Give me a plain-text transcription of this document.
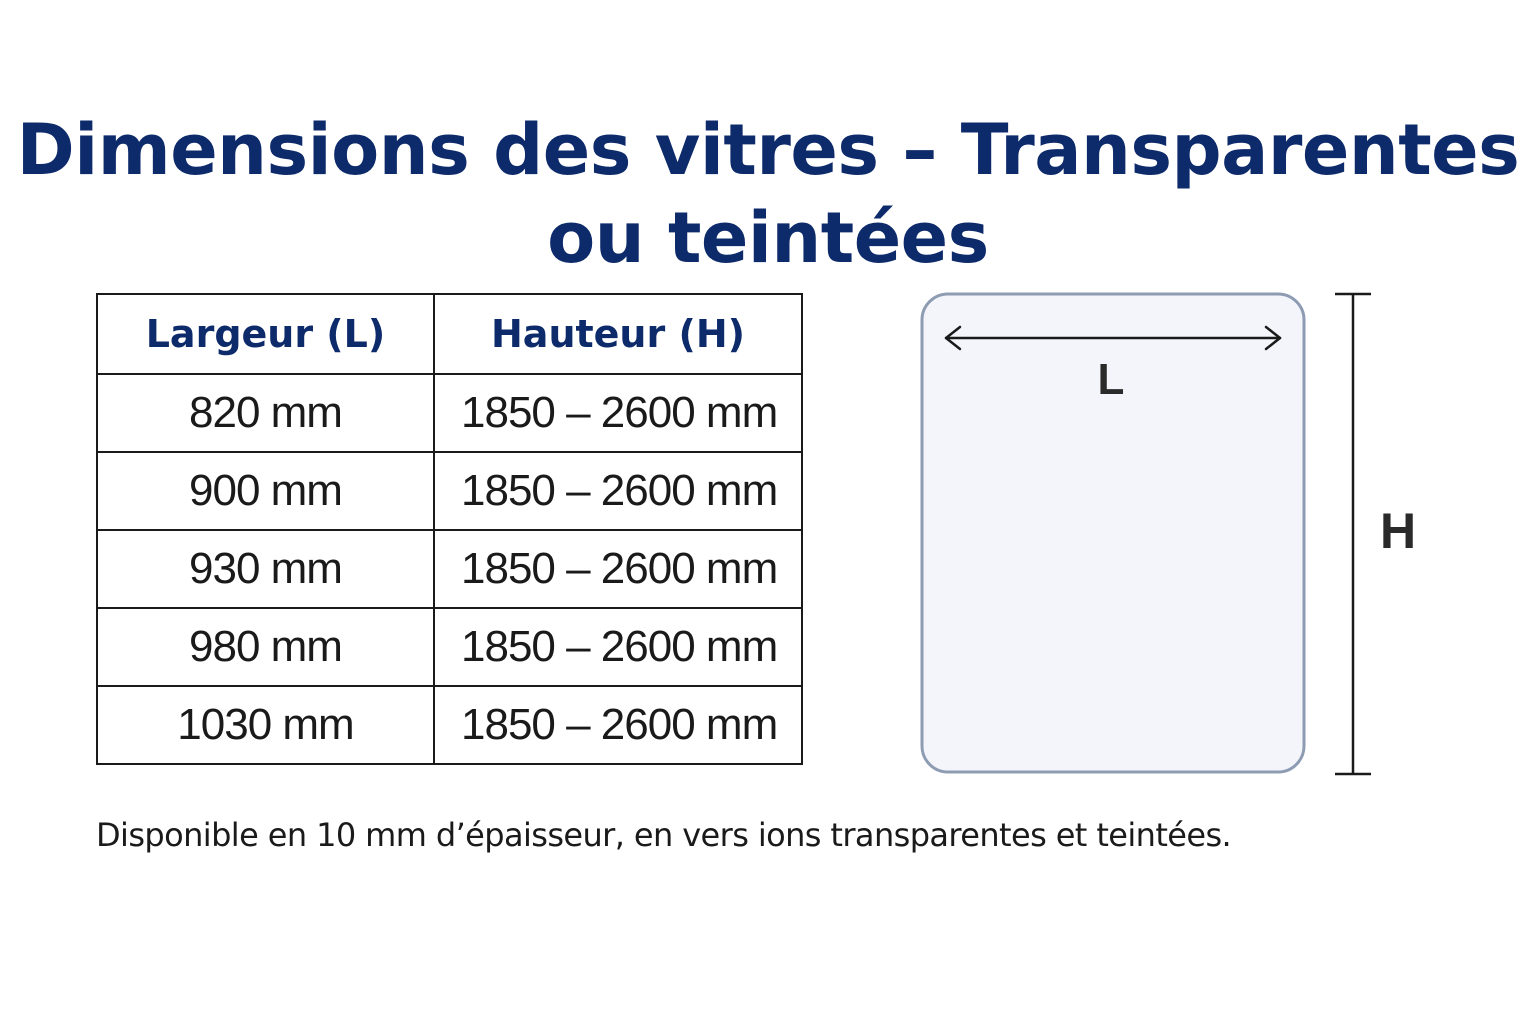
Dimensions des vitres – Transparentes
ou teintées
Largeur (L)	Hauteur (H)
820 mm	1850 – 2600 mm
900 mm	1850 – 2600 mm
930 mm	1850 – 2600 mm
980 mm	1850 – 2600 mm
1030 mm	1850 – 2600 mm
L
H
Disponible en 10 mm d’épaisseur, en vers ions transparentes et teintées.
